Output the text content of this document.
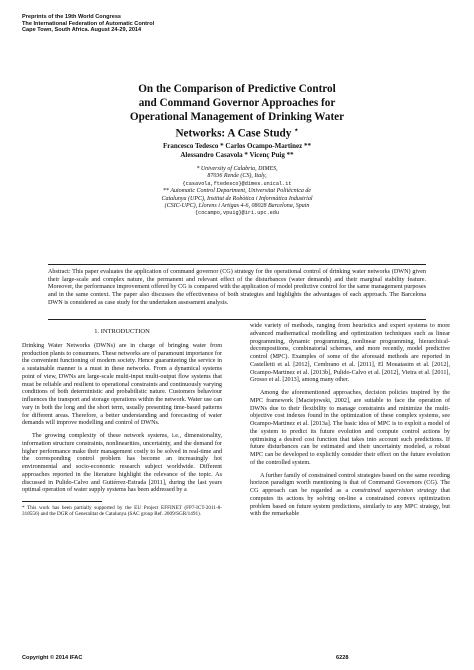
Preprints of the 19th World Congress
The International Federation of Automatic Control
Cape Town, South Africa. August 24-29, 2014
On the Comparison of Predictive Control
and Command Governor Approaches for
Operational Management of Drinking Water
Networks: A Case Study ⋆
Francesco Tedesco * Carlos Ocampo-Martinez **
Alessandro Casavola * Vicenç Puig **
* University of Calabria, DIMES,
87036 Rende (CS), Italy,
{casavola,ftedesco}@dimes.unical.it
** Automatic Control Department, Universitat Politècnica de
Catalunya (UPC), Institut de Robòtica i Informàtica Industrial
(CSIC-UPC), Llorens i Artigas 4-6, 08028 Barcelona, Spain
{cocampo,vpuig}@iri.upc.edu
Abstract: This paper evaluates the application of command governor (CG) strategy for the operational control of drinking water networks (DWN) given their large-scale and complex nature, the permanent and relevant effect of the disturbances (water demands) and their marginal stability feature. Moreover, the performance improvement offered by CG is compared with the application of model predictive control for the same management purposes and in the same context. The paper also discusses the effectiveness of both strategies and highlights the advantages of each approach. The Barcelona DWN is considered as case study for the undertaken assessment analysis.
1. INTRODUCTION

Drinking Water Networks (DWNs) are in charge of bringing water from production plants to consumers. These networks are of paramount importance for the convenient functioning of modern society. Hence guaranteeing the service in a sustainable manner is a must in these networks. From a dynamical systems point of view, DWNs are large-scale multi-input multi-output flow systems that must be reliable and resilient to operational constraints and continuously varying conditions of both deterministic and probabilistic nature. Customers behaviour influences the transport and storage operations within the network. Water use can vary in both the long and the short term, usually presenting time-based patterns for different areas. Therefore, a better understanding and forecasting of water demands will improve modelling and control of DWNs.

The growing complexity of these network systems, i.e., dimensionality, information structure constraints, nonlinearities, uncertainty, and the demand for higher performance make their management costly to be solved in real-time and the corresponding control problem has become an increasingly hot environmental and socio-economic research subject worldwide. Different approaches reported in the literature highlight the relevance of the topic. As discussed in Pulido-Calvo and Gutiérrez-Estrada [2011], during the last years optimal operation of water supply systems has been addressed by a

* This work has been partially supported by the EU Project EFFINET (FP7-ICT-2011-8-318556) and the DGR of Generalitat de Catalunya (SAC group Ref. 2009/SGR/1491).

wide variety of methods, ranging from heuristics and expert systems to more advanced mathematical modelling and optimization techniques such as linear programming, dynamic programming, nonlinear programming, hierarchical-decompositions, combinatorial schemes, and more recently, model predictive control (MPC). Examples of some of the aforesaid methods are reported in Castelletti et al. [2012], Cembrano et al. [2011], El Mouatasim et al. [2012], Ocampo-Martinez et al. [2013b], Pulido-Calvo et al. [2012], Vieira et al. [2011], Grosso et al. [2013], among many other.

Among the aforementioned approaches, decision policies inspired by the MPC framework [Maciejowski, 2002], are suitable to face the operation of DWNs due to their flexibility to manage constraints and minimize the multi-objective cost indexes found in the optimization of these complex systems, see Ocampo-Martinez et al. [2013a]. The basic idea of MPC is to exploit a model of the system to predict its future evolution and compute control actions by optimising a desired cost function that takes into account such predictions. If future disturbances can be estimated and their uncertainty modeled, a robust MPC can be developed to explicitly consider their effect on the future evolution of the controlled system.

A further family of constrained control strategies based on the same receding horizon paradigm worth mentioning is that of Command Governors (CG). The CG approach can be regarded as a constrained supervision strategy that computes its actions by solving on-line a constrained convex optimization problem based on future system predictions, similarly to any MPC strategy, but with the remarkable

Copyright © 2014 IFAC	6228
